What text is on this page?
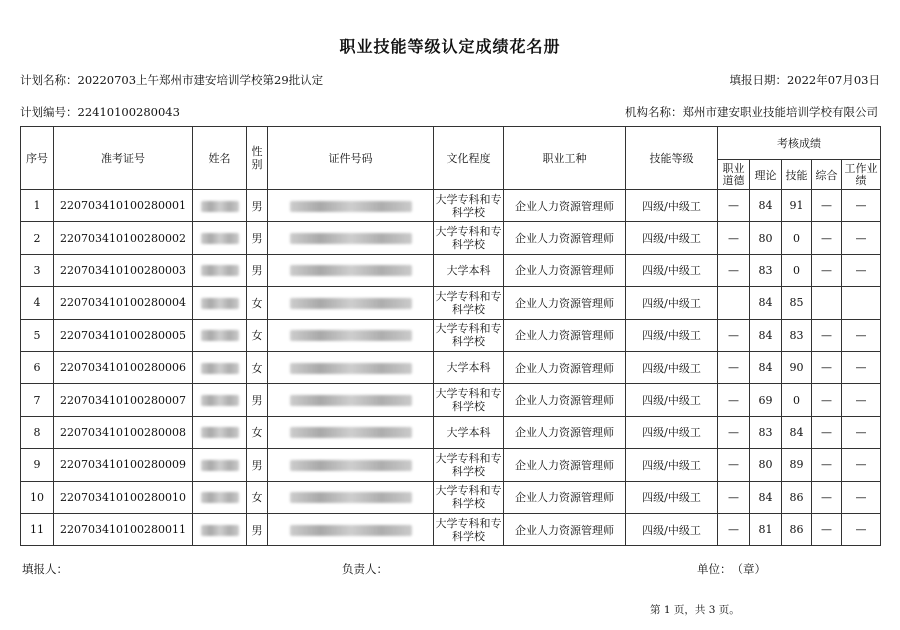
职业技能等级认定成绩花名册
计划名称：20220703上午郑州市建安培训学校第29批认定	填报日期：2022年07月03日
计划编号：22410100280043	机构名称：郑州市建安职业技能培训学校有限公司
序号	准考证号	姓名	性别	证件号码	文化程度	职业工种	技能等级	考核成绩				
								职业道德	理论	技能	综合	工作业绩
1	220703410100280001		男		大学专科和专科学校	企业人力资源管理师	四级/中级工	—	84	91	—	—
2	220703410100280002		男		大学专科和专科学校	企业人力资源管理师	四级/中级工	—	80	0	—	—
3	220703410100280003		男		大学本科	企业人力资源管理师	四级/中级工	—	83	0	—	—
4	220703410100280004		女		大学专科和专科学校	企业人力资源管理师	四级/中级工		84	85		
5	220703410100280005		女		大学专科和专科学校	企业人力资源管理师	四级/中级工	—	84	83	—	—
6	220703410100280006		女		大学本科	企业人力资源管理师	四级/中级工	—	84	90	—	—
7	220703410100280007		男		大学专科和专科学校	企业人力资源管理师	四级/中级工	—	69	0	—	—
8	220703410100280008		女		大学本科	企业人力资源管理师	四级/中级工	—	83	84	—	—
9	220703410100280009		男		大学专科和专科学校	企业人力资源管理师	四级/中级工	—	80	89	—	—
10	220703410100280010		女		大学专科和专科学校	企业人力资源管理师	四级/中级工	—	84	86	—	—
11	220703410100280011		男		大学专科和专科学校	企业人力资源管理师	四级/中级工	—	81	86	—	—
填报人：	负责人：	单位：　（章）
第 1 页，共 3 页。
